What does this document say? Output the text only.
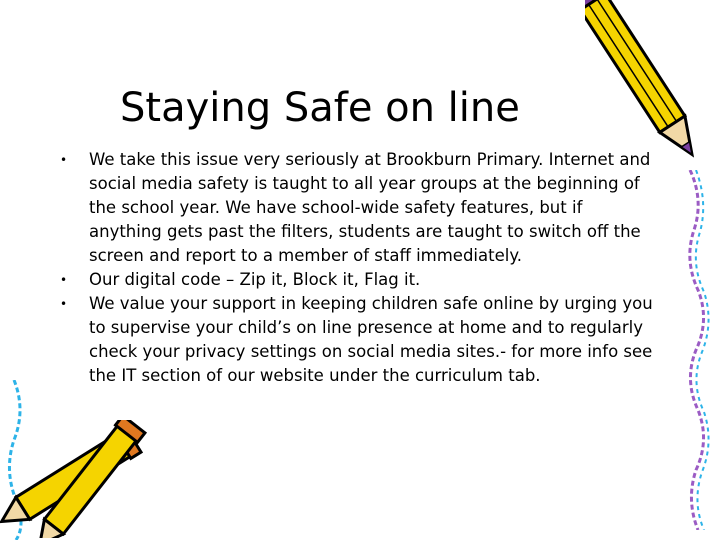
Staying Safe on line
• We take this issue very seriously at Brookburn Primary. Internet and social media safety is taught to all year groups at the beginning of the school year. We have school-wide safety features, but if anything gets past the filters, students are taught to switch off the screen and report to a member of staff immediately.
• Our digital code – Zip it, Block it, Flag it.
• We value your support in keeping children safe online by urging you to supervise your child’s on line presence at home and to regularly check your privacy settings on social media sites.- for more info see the IT section of our website under the curriculum tab.
